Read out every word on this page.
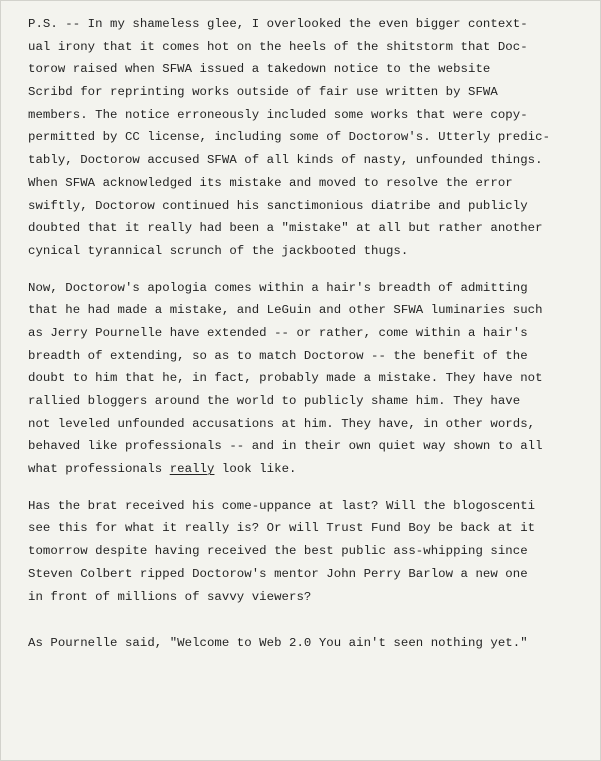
P.S. -- In my shameless glee, I overlooked the even bigger context-
ual irony that it comes hot on the heels of the shitstorm that Doc-
torow raised when SFWA issued a takedown notice to the website
Scribd for reprinting works outside of fair use written by SFWA
members. The notice erroneously included some works that were copy-
permitted by CC license, including some of Doctorow's. Utterly predic-
tably, Doctorow accused SFWA of all kinds of nasty, unfounded things.
When SFWA acknowledged its mistake and moved to resolve the error
swiftly, Doctorow continued his sanctimonious diatribe and publicly
doubted that it really had been a "mistake" at all but rather another
cynical tyrannical scrunch of the jackbooted thugs.
Now, Doctorow's apologia comes within a hair's breadth of admitting
that he had made a mistake, and LeGuin and other SFWA luminaries such
as Jerry Pournelle have extended -- or rather, come within a hair's
breadth of extending, so as to match Doctorow -- the benefit of the
doubt to him that he, in fact, probably made a mistake. They have not
rallied bloggers around the world to publicly shame him. They have
not leveled unfounded accusations at him. They have, in other words,
behaved like professionals -- and in their own quiet way shown to all
what professionals really look like.
Has the brat received his come-uppance at last? Will the blogoscenti
see this for what it really is? Or will Trust Fund Boy be back at it
tomorrow despite having received the best public ass-whipping since
Steven Colbert ripped Doctorow's mentor John Perry Barlow a new one
in front of millions of savvy viewers?
As Pournelle said, "Welcome to Web 2.0 You ain't seen nothing yet."
